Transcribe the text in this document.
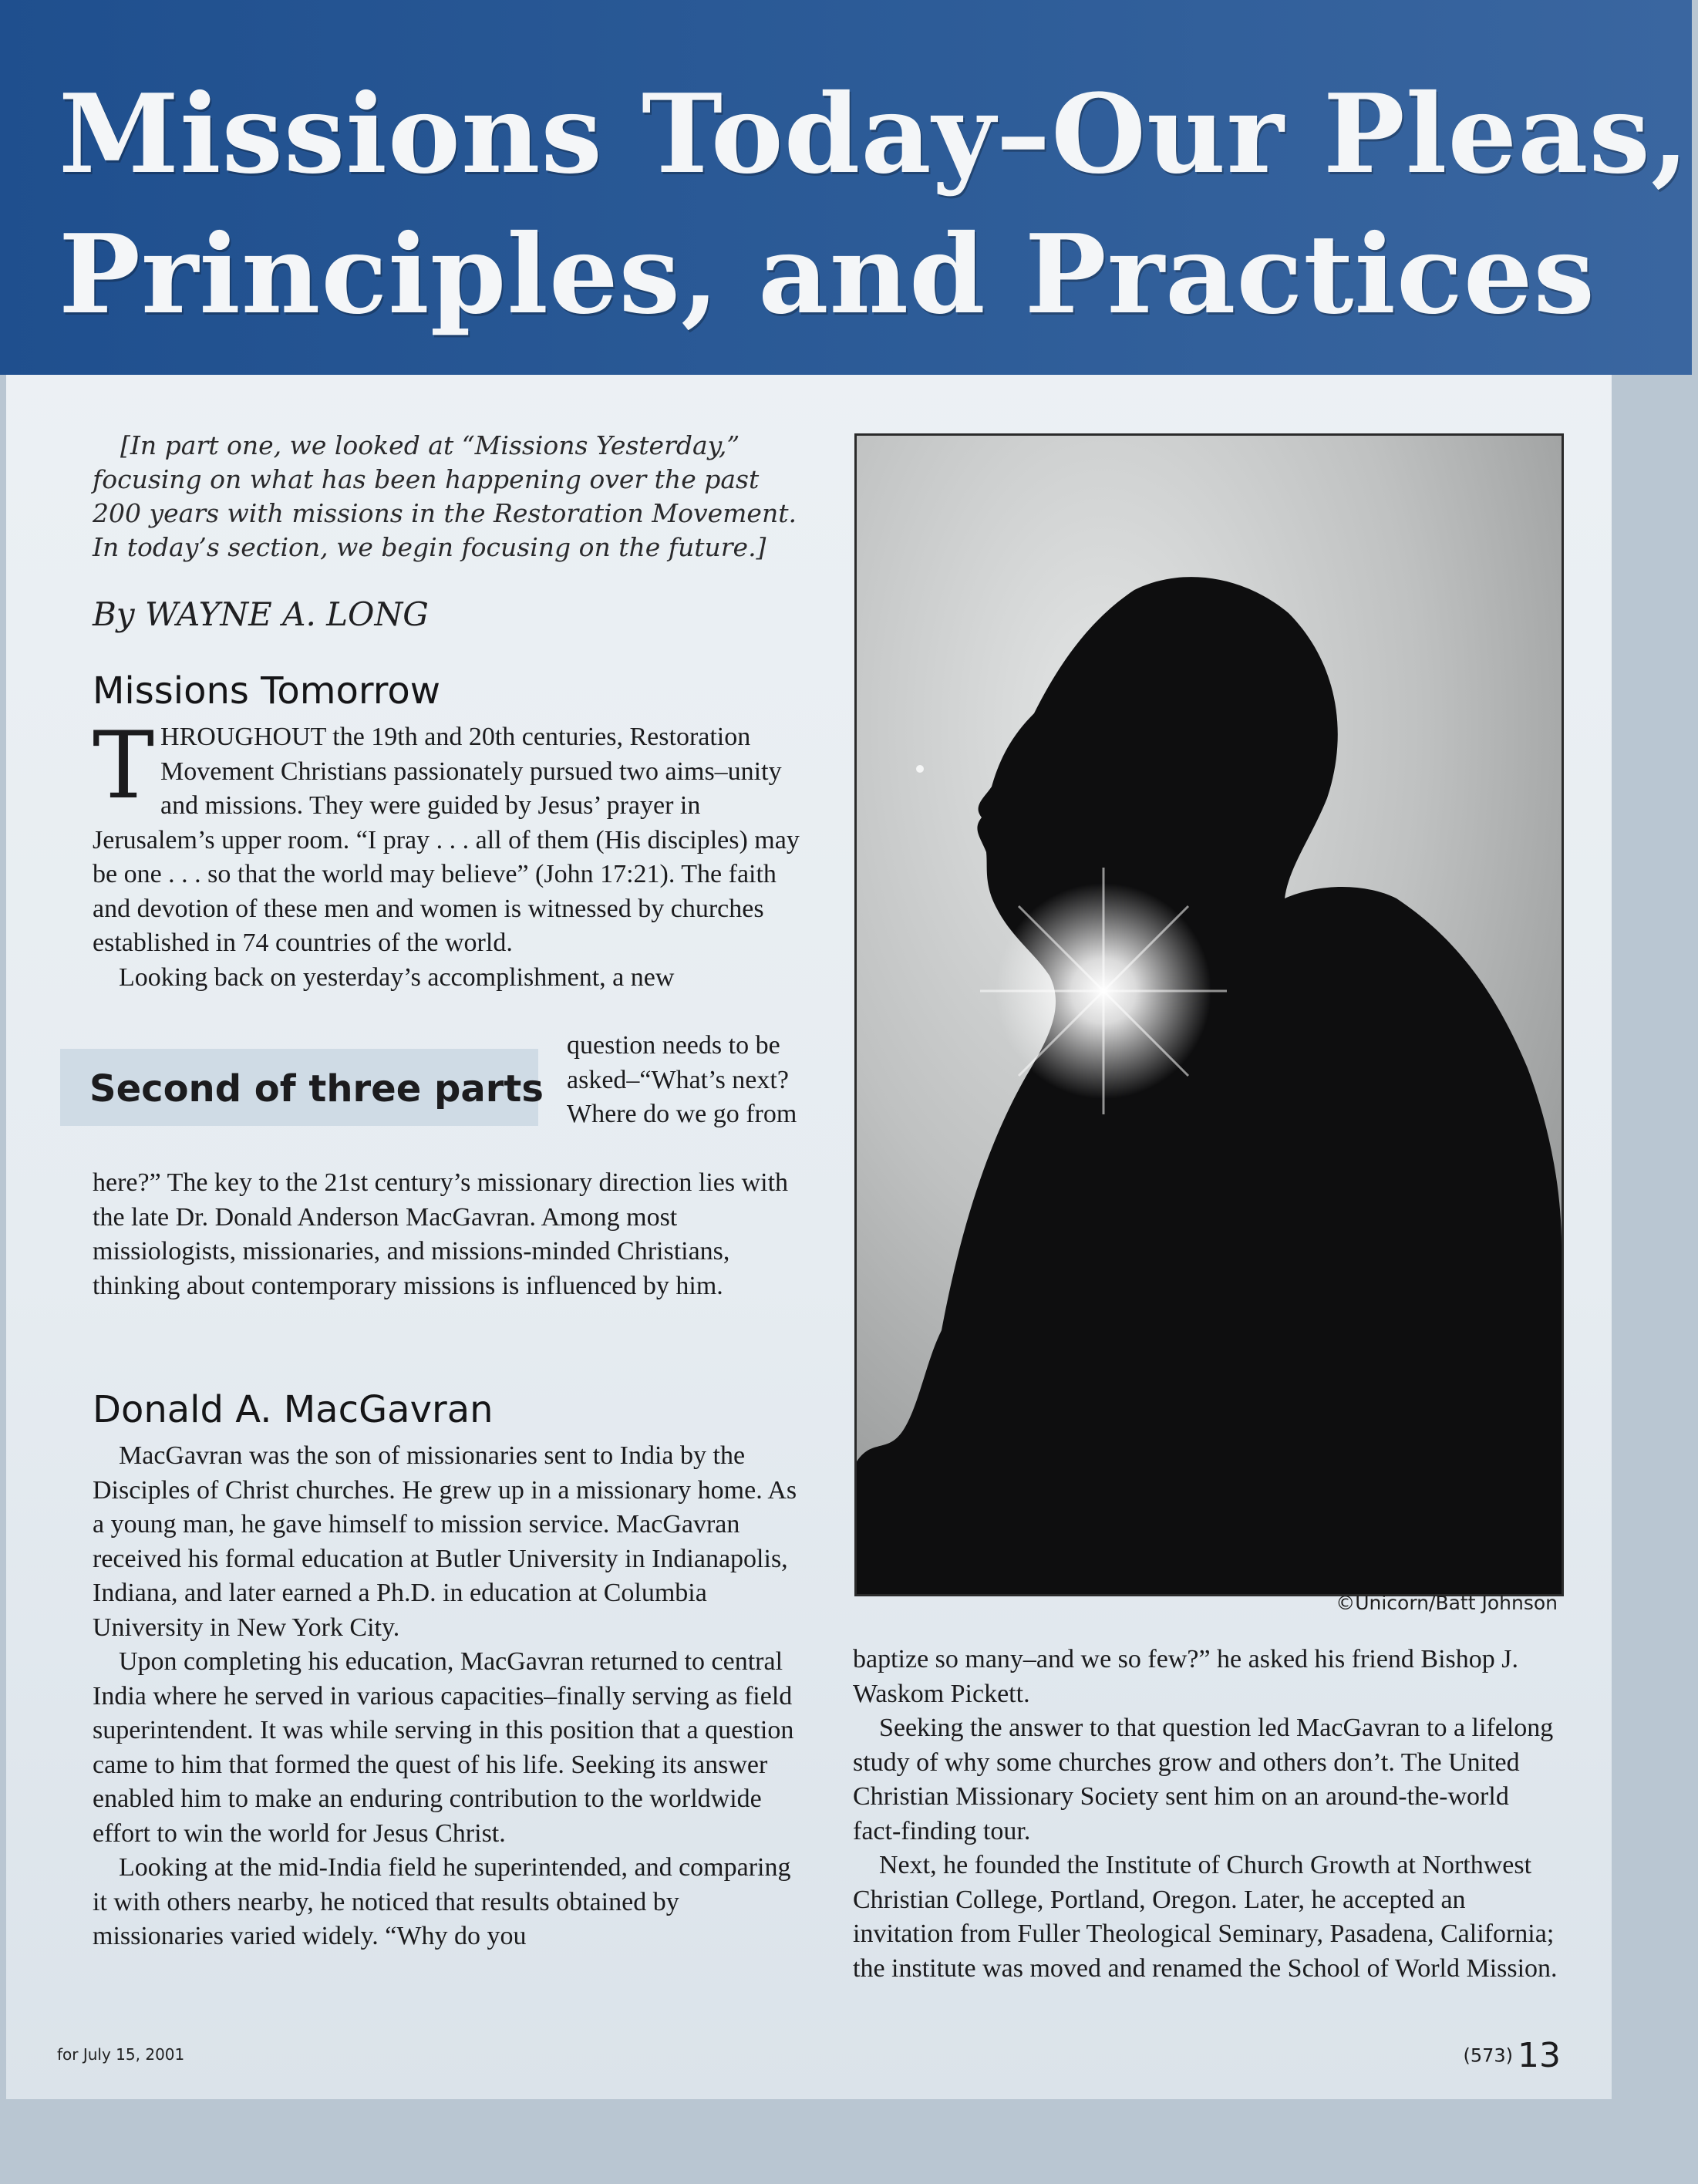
Missions Today–Our Pleas,
Principles, and Practices

[In part one, we looked at “Missions Yesterday,” focusing on what has been happening over the past 200 years with missions in the Restoration Movement. In today’s section, we begin focusing on the future.]

By WAYNE A. LONG

Missions Tomorrow

THROUGHOUT the 19th and 20th centuries, Restoration Movement Christians passionately pursued two aims–unity and missions. They were guided by Jesus’ prayer in Jerusalem’s upper room. “I pray . . . all of them (His disciples) may be one . . . so that the world may believe” (John 17:21). The faith and devotion of these men and women is witnessed by churches established in 74 countries of the world.

Looking back on yesterday’s accomplishment, a new

Second of three parts

question needs to be asked–“What’s next? Where do we go from

here?” The key to the 21st century’s missionary direction lies with the late Dr. Donald Anderson MacGavran. Among most missiologists, missionaries, and missions-minded Christians, thinking about contemporary missions is influenced by him.

Donald A. MacGavran

MacGavran was the son of missionaries sent to India by the Disciples of Christ churches. He grew up in a missionary home. As a young man, he gave himself to mission service. MacGavran received his formal education at Butler University in Indianapolis, Indiana, and later earned a Ph.D. in education at Columbia University in New York City.

Upon completing his education, MacGavran returned to central India where he served in various capacities–finally serving as field superintendent. It was while serving in this position that a question came to him that formed the quest of his life. Seeking its answer enabled him to make an enduring contribution to the worldwide effort to win the world for Jesus Christ.

Looking at the mid-India field he superintended, and comparing it with others nearby, he noticed that results obtained by missionaries varied widely. “Why do you

©Unicorn/Batt Johnson

baptize so many–and we so few?” he asked his friend Bishop J. Waskom Pickett.

Seeking the answer to that question led MacGavran to a lifelong study of why some churches grow and others don’t. The United Christian Missionary Society sent him on an around-the-world fact-finding tour.

Next, he founded the Institute of Church Growth at Northwest Christian College, Portland, Oregon. Later, he accepted an invitation from Fuller Theological Seminary, Pasadena, California; the institute was moved and renamed the School of World Mission.

for July 15, 2001	(573) 13
